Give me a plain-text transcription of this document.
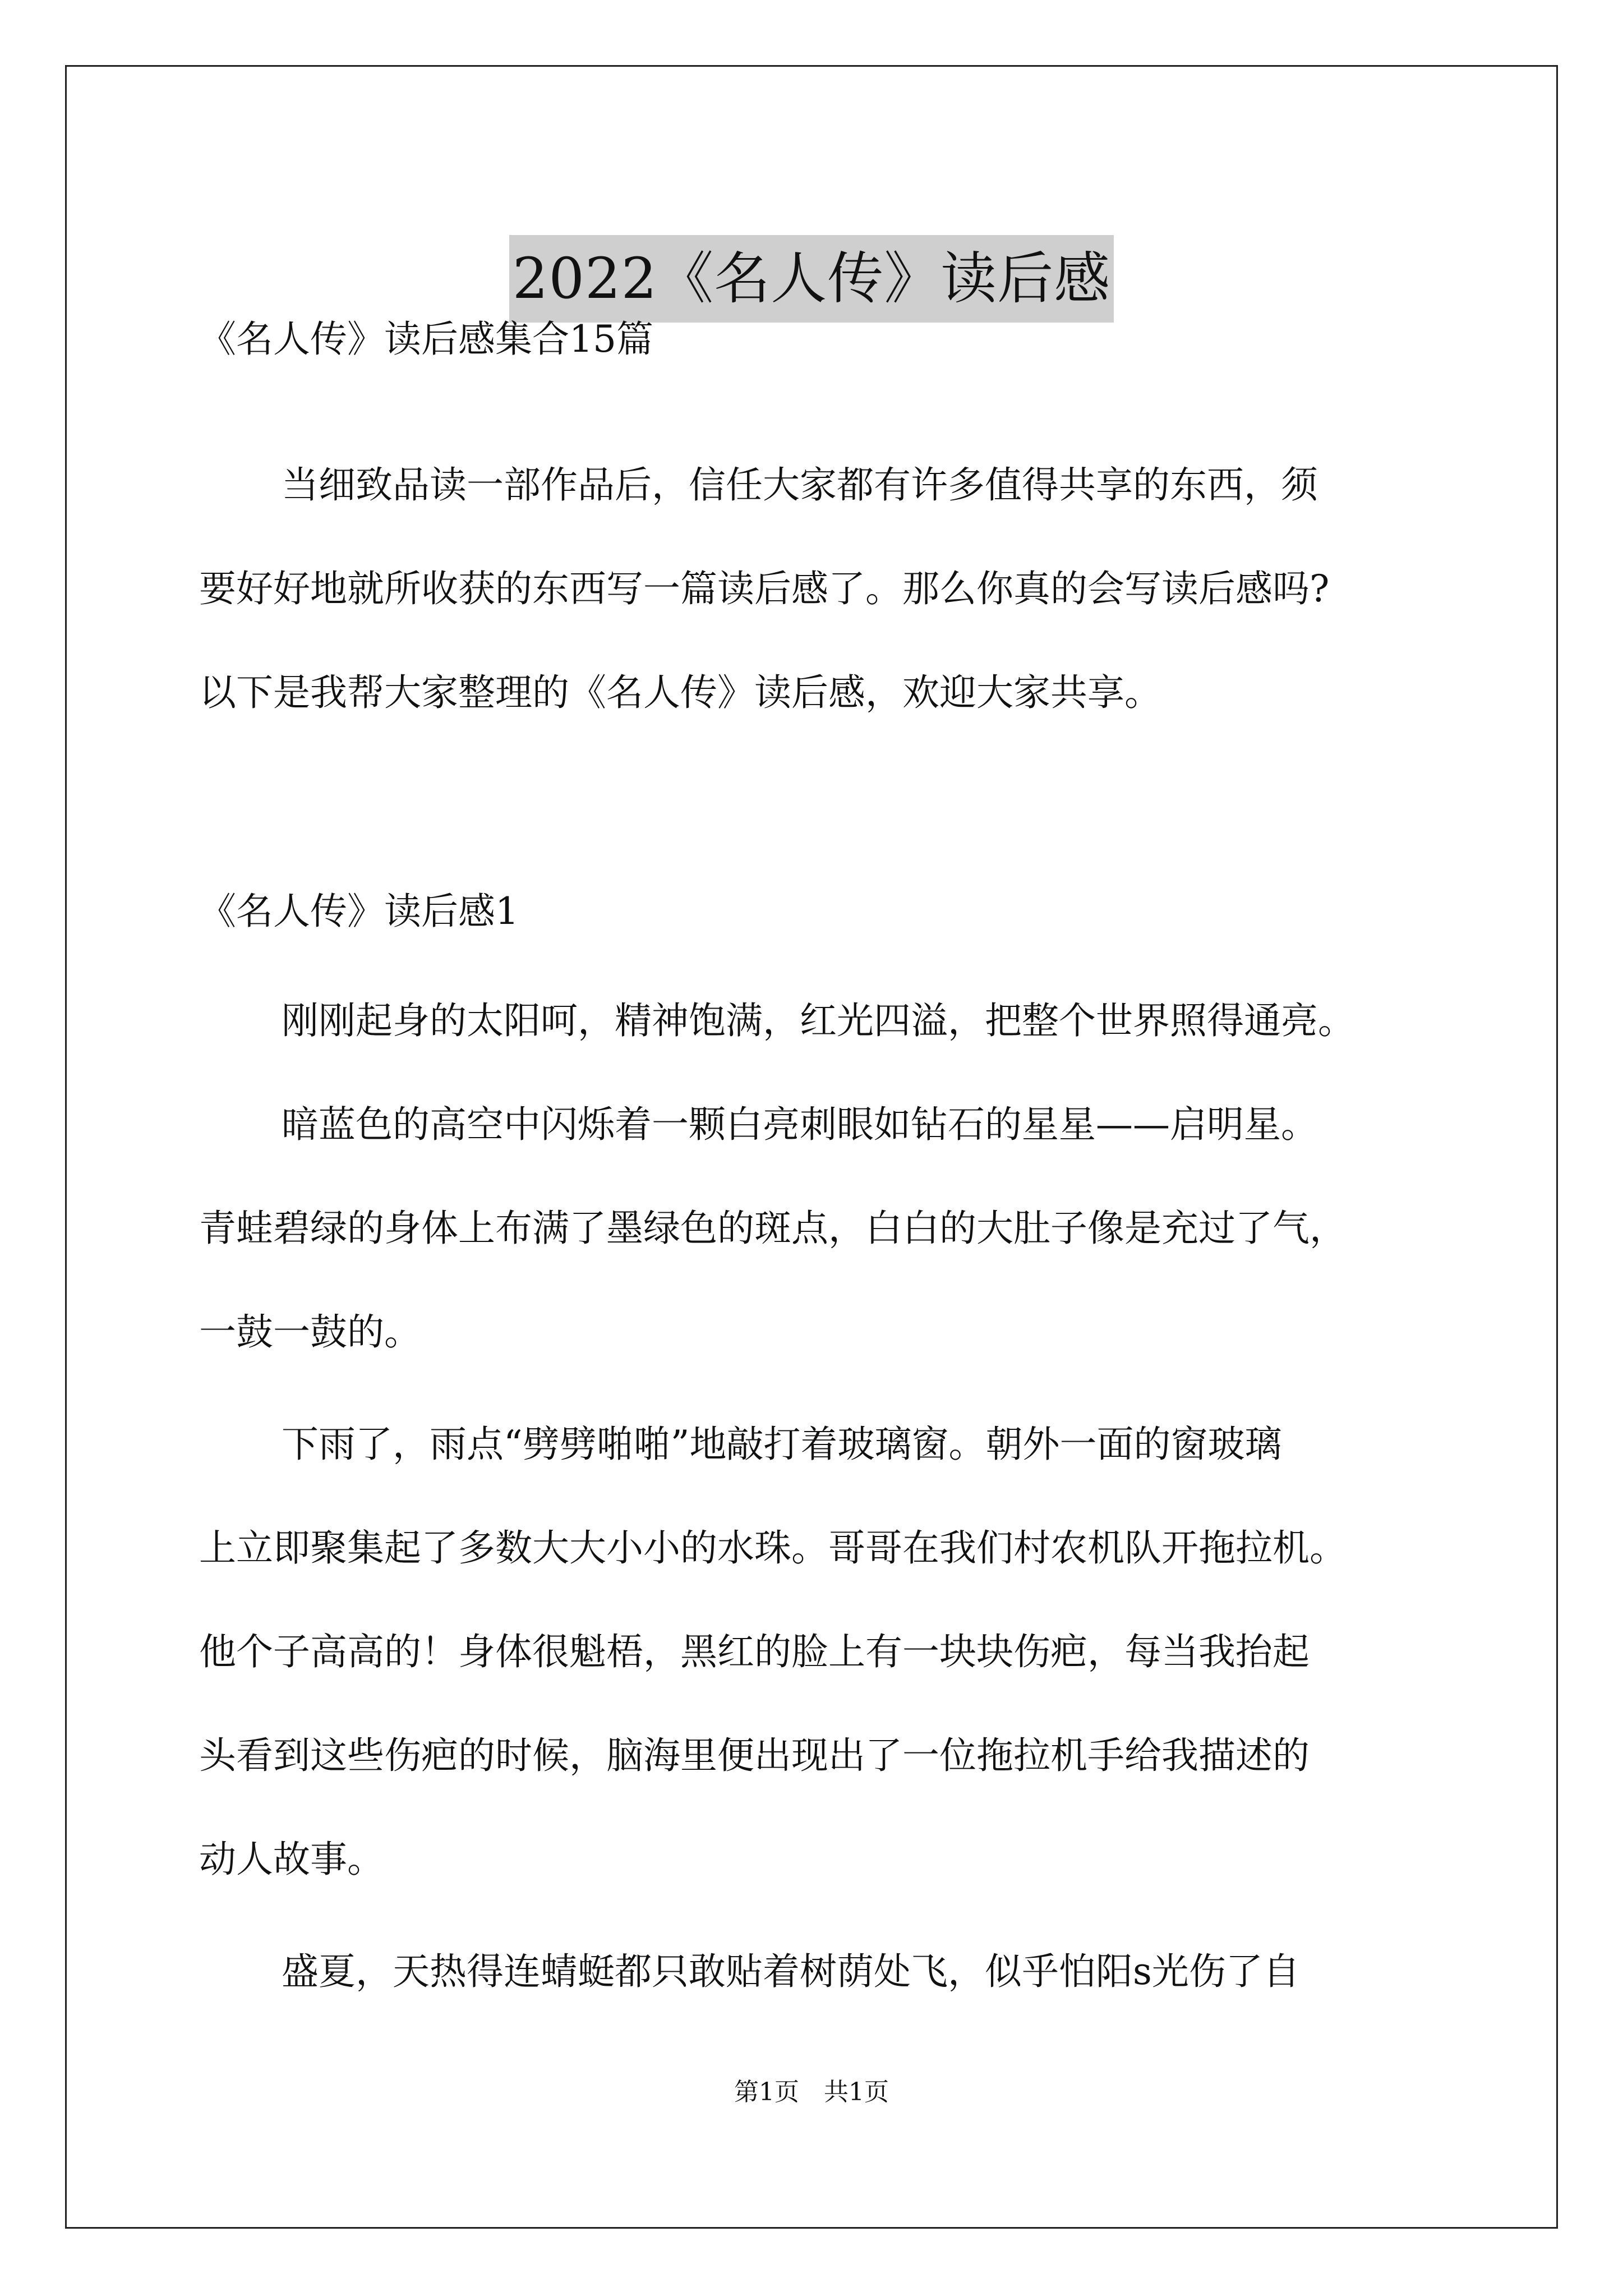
2022《名人传》读后感
《名人传》读后感集合15篇
当细致品读一部作品后，信任大家都有许多值得共享的东西，须
要好好地就所收获的东西写一篇读后感了。那么你真的会写读后感吗?
以下是我帮大家整理的《名人传》读后感，欢迎大家共享。
《名人传》读后感1
刚刚起身的太阳呵，精神饱满，红光四溢，把整个世界照得通亮。
暗蓝色的高空中闪烁着一颗白亮刺眼如钻石的星星——启明星。
青蛙碧绿的身体上布满了墨绿色的斑点，白白的大肚子像是充过了气，
一鼓一鼓的。
下雨了，雨点“劈劈啪啪”地敲打着玻璃窗。朝外一面的窗玻璃
上立即聚集起了多数大大小小的水珠。哥哥在我们村农机队开拖拉机。
他个子高高的！身体很魁梧，黑红的脸上有一块块伤疤，每当我抬起
头看到这些伤疤的时候，脑海里便出现出了一位拖拉机手给我描述的
动人故事。
盛夏，天热得连蜻蜓都只敢贴着树荫处飞，似乎怕阳s光伤了自
第1页　共1页
